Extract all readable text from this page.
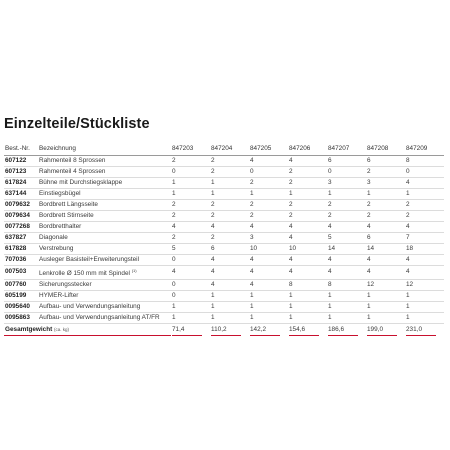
Einzelteile/Stückliste
Best.-Nr.	Bezeichnung	847203	847204	847205	847206	847207	847208	847209
607122	Rahmenteil 8 Sprossen	2	2	4	4	6	6	8
607123	Rahmenteil 4 Sprossen	0	2	0	2	0	2	0
617824	Bühne mit Durchstiegsklappe	1	1	2	2	3	3	4
637144	Einstiegsbügel	1	1	1	1	1	1	1
0079632	Bordbrett Längsseite	2	2	2	2	2	2	2
0079634	Bordbrett Stirnseite	2	2	2	2	2	2	2
0077268	Bordbretthalter	4	4	4	4	4	4	4
637827	Diagonale	2	2	3	4	5	6	7
617828	Verstrebung	5	6	10	10	14	14	18
707036	Ausleger Basisteil+Erweiterungsteil	0	4	4	4	4	4	4
007503	Lenkrolle Ø 150 mm mit Spindel $^{(1)}$	4	4	4	4	4	4	4
007760	Sicherungsstecker	0	4	4	8	8	12	12
605199	HYMER-Lifter	0	1	1	1	1	1	1
0095640	Aufbau- und Verwendungsanleitung	1	1	1	1	1	1	1
0095863	Aufbau- und Verwendungsanleitung AT/FR	1	1	1	1	1	1	1
Gesamtgewicht (ca. kg)		71,4	110,2	142,2	154,6	186,6	199,0	231,0
